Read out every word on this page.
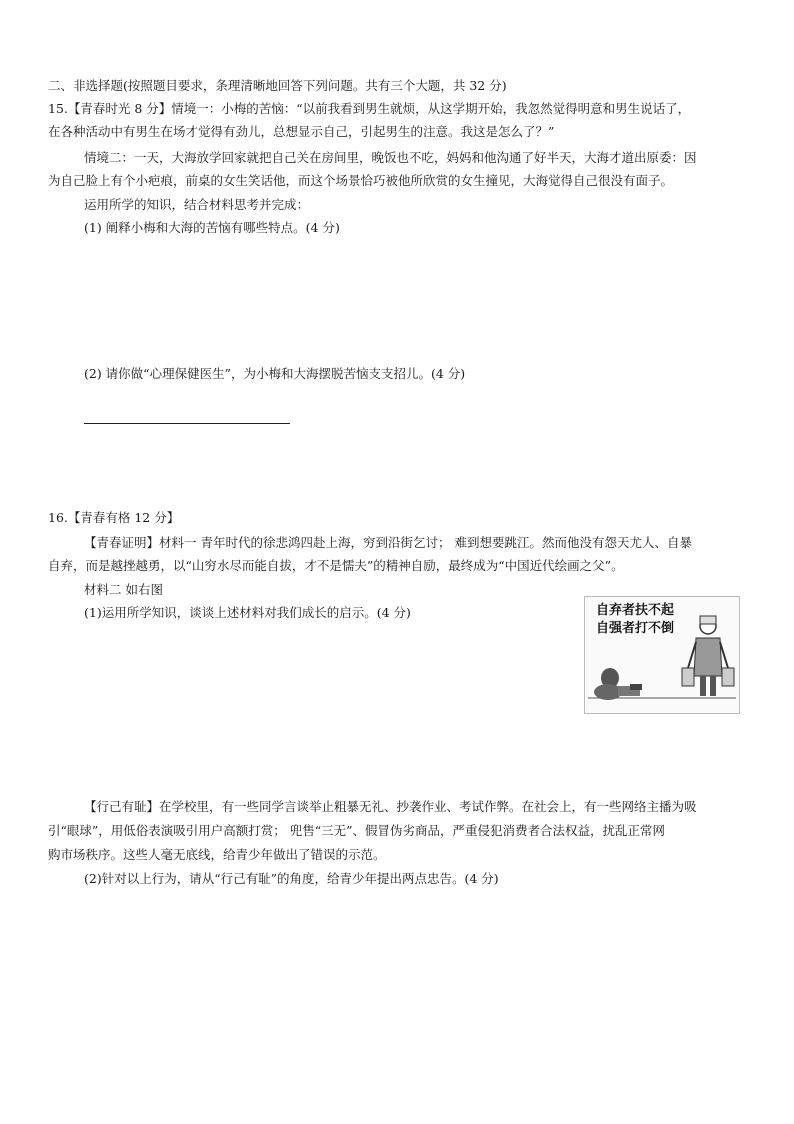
二、非选择题(按照题目要求，条理清晰地回答下列问题。共有三个大题，共 32 分)
15.【青春时光 8 分】情境一：小梅的苦恼：“以前我看到男生就烦，从这学期开始，我忽然觉得明意和男生说话了，
在各种活动中有男生在场才觉得有劲儿，总想显示自己，引起男生的注意。我这是怎么了？”
情境二：一天，大海放学回家就把自己关在房间里，晚饭也不吃，妈妈和他沟通了好半天，大海才道出原委：因
为自己脸上有个小疤痕，前桌的女生笑话他，而这个场景恰巧被他所欣赏的女生撞见，大海觉得自己很没有面子。
运用所学的知识，结合材料思考并完成：
(1) 阐释小梅和大海的苦恼有哪些特点。(4 分)
(2) 请你做“心理保健医生”，为小梅和大海摆脱苦恼支支招儿。(4 分)
16.【青春有格 12 分】
【青春证明】材料一 青年时代的徐悲鸿四赴上海，穷到沿街乞讨； 难到想要跳江。然而他没有怨天尤人、自暴
自弃，而是越挫越勇，以“山穷水尽而能自拔，才不是懦夫”的精神自励，最终成为“中国近代绘画之父”。
材料二 如右图
(1)运用所学知识，谈谈上述材料对我们成长的启示。(4 分)	自弃者扶不起
自强者打不倒
【行己有耻】在学校里，有一些同学言谈举止粗暴无礼、抄袭作业、考试作弊。在社会上，有一些网络主播为吸
引“眼球”，用低俗表演吸引用户高额打赏； 兜售“三无”、假冒伪劣商品，严重侵犯消费者合法权益，扰乱正常网
购市场秩序。这些人毫无底线，给青少年做出了错误的示范。
(2)针对以上行为，请从“行己有耻”的角度，给青少年提出两点忠告。(4 分)
